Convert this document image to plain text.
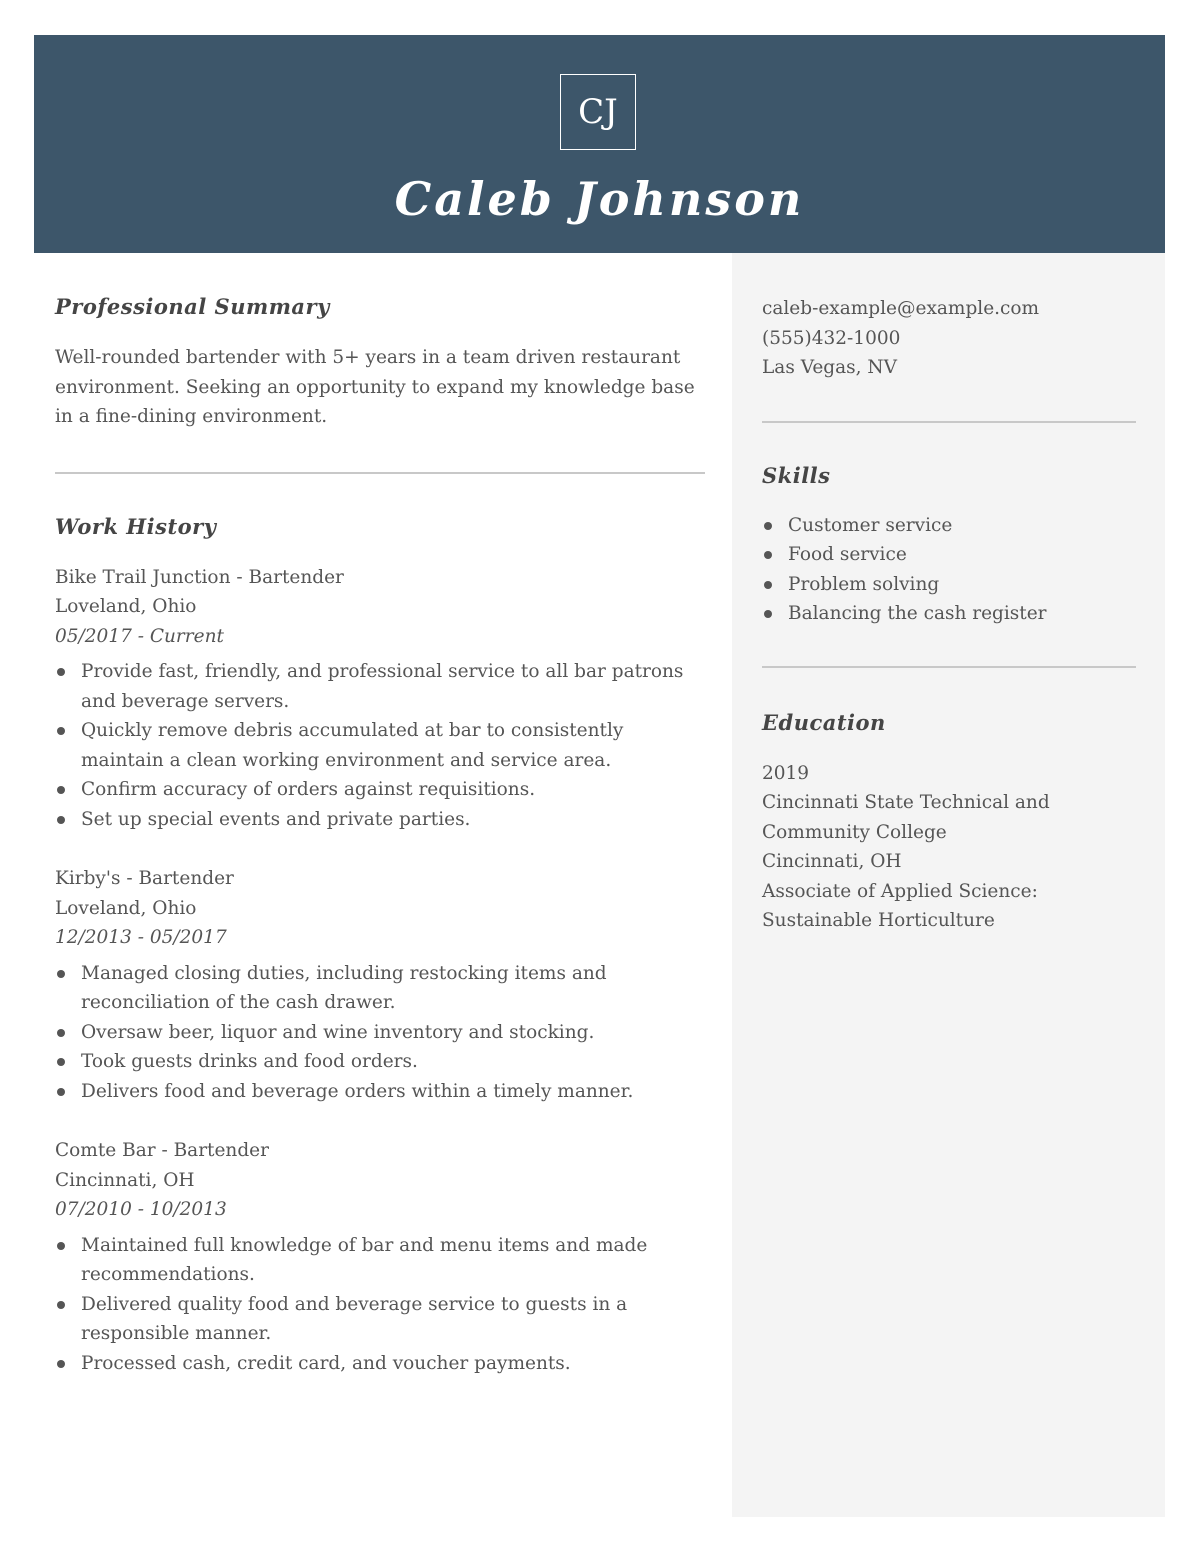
CJ
Caleb Johnson

caleb-example@example.com

(555)432-1000

Las Vegas, NV

Skills
Customer service
Food service
Problem solving
Balancing the cash register
Education

2019

Cincinnati State Technical and Community College

Cincinnati, OH

Associate of Applied Science: Sustainable Horticulture

Professional Summary

Well-rounded bartender with 5+ years in a team driven restaurant environment. Seeking an opportunity to expand my knowledge base in a fine-dining environment.

Work History
Bike Trail Junction - Bartender
Loveland, Ohio
05/2017 - Current
Provide fast, friendly, and professional service to all bar patrons and beverage servers.
Quickly remove debris accumulated at bar to consistently maintain a clean working environment and service area.
Confirm accuracy of orders against requisitions.
Set up special events and private parties.
Kirby's - Bartender
Loveland, Ohio
12/2013 - 05/2017
Managed closing duties, including restocking items and reconciliation of the cash drawer.
Oversaw beer, liquor and wine inventory and stocking.
Took guests drinks and food orders.
Delivers food and beverage orders within a timely manner.
Comte Bar - Bartender
Cincinnati, OH
07/2010 - 10/2013
Maintained full knowledge of bar and menu items and made recommendations.
Delivered quality food and beverage service to guests in a responsible manner.
Processed cash, credit card, and voucher payments.
